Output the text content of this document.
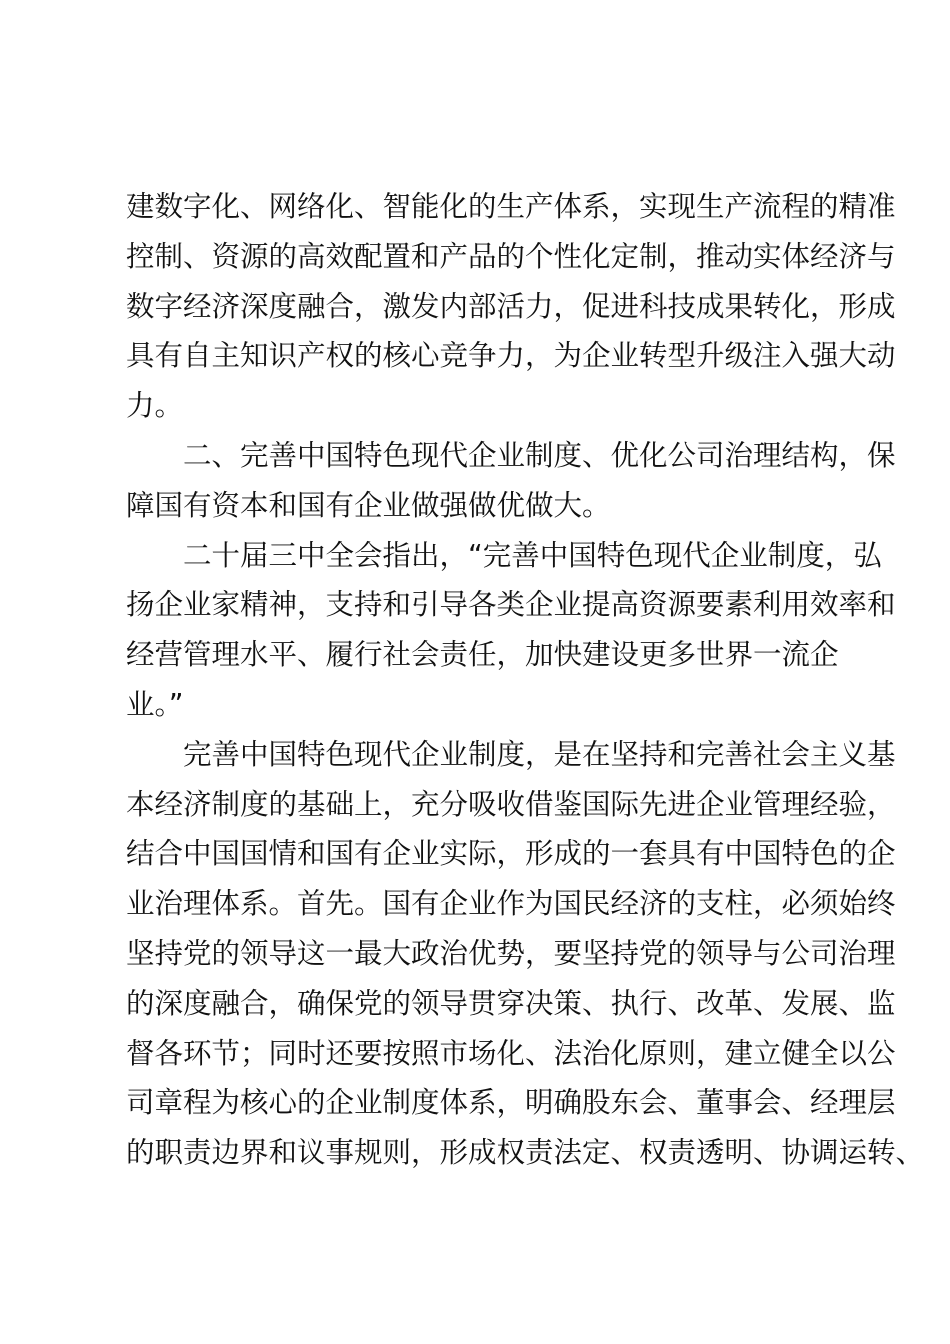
建数字化、网络化、智能化的生产体系，实现生产流程的精准
控制、资源的高效配置和产品的个性化定制，推动实体经济与
数字经济深度融合，激发内部活力，促进科技成果转化，形成
具有自主知识产权的核心竞争力，为企业转型升级注入强大动
力。
二、完善中国特色现代企业制度、优化公司治理结构，保
障国有资本和国有企业做强做优做大。
二十届三中全会指出，“完善中国特色现代企业制度，弘
扬企业家精神，支持和引导各类企业提高资源要素利用效率和
经营管理水平、履行社会责任，加快建设更多世界一流企
业。”
完善中国特色现代企业制度，是在坚持和完善社会主义基
本经济制度的基础上，充分吸收借鉴国际先进企业管理经验，
结合中国国情和国有企业实际，形成的一套具有中国特色的企
业治理体系。首先。国有企业作为国民经济的支柱，必须始终
坚持党的领导这一最大政治优势，要坚持党的领导与公司治理
的深度融合，确保党的领导贯穿决策、执行、改革、发展、监
督各环节；同时还要按照市场化、法治化原则，建立健全以公
司章程为核心的企业制度体系，明确股东会、董事会、经理层
的职责边界和议事规则，形成权责法定、权责透明、协调运转、
